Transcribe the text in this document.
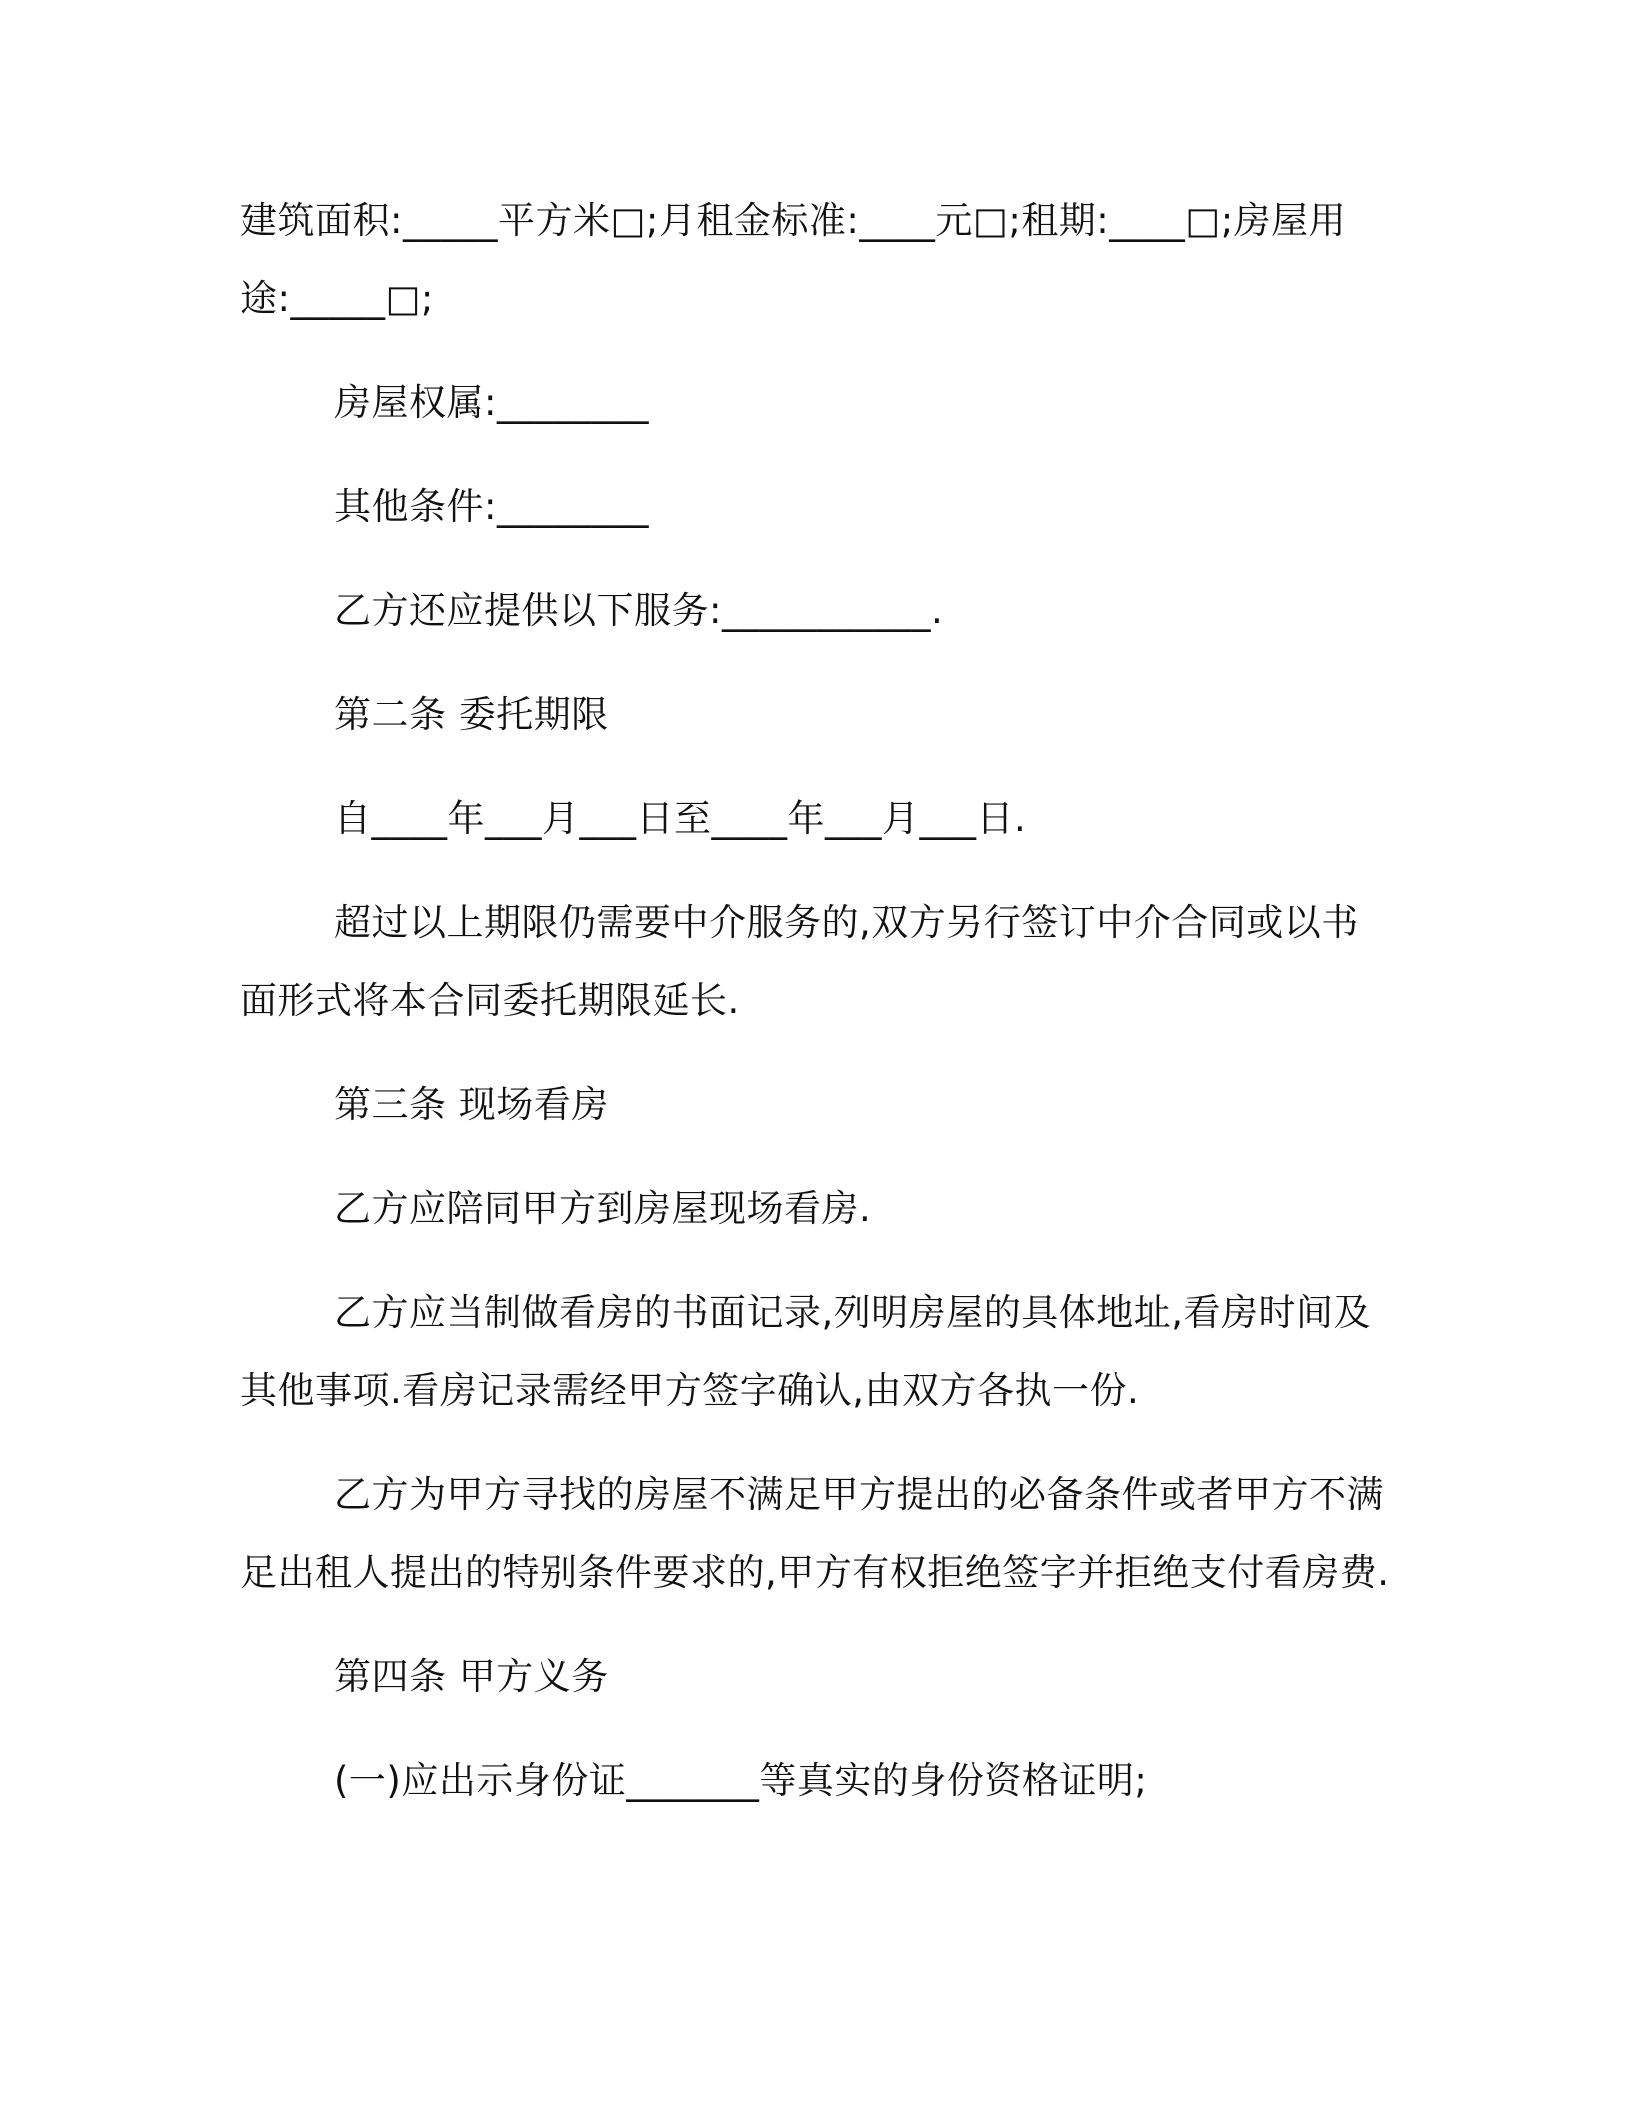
建筑面积:_____平方米□;月租金标准:____元□;租期:____□;房屋用途:_____□;

房屋权属:________

其他条件:________

乙方还应提供以下服务:___________.

第二条 委托期限

自____年___月___日至____年___月___日.

超过以上期限仍需要中介服务的,双方另行签订中介合同或以书面形式将本合同委托期限延长.

第三条 现场看房

乙方应陪同甲方到房屋现场看房.

乙方应当制做看房的书面记录,列明房屋的具体地址,看房时间及其他事项.看房记录需经甲方签字确认,由双方各执一份.

乙方为甲方寻找的房屋不满足甲方提出的必备条件或者甲方不满足出租人提出的特别条件要求的,甲方有权拒绝签字并拒绝支付看房费.

第四条 甲方义务

(一)应出示身份证_______等真实的身份资格证明;
